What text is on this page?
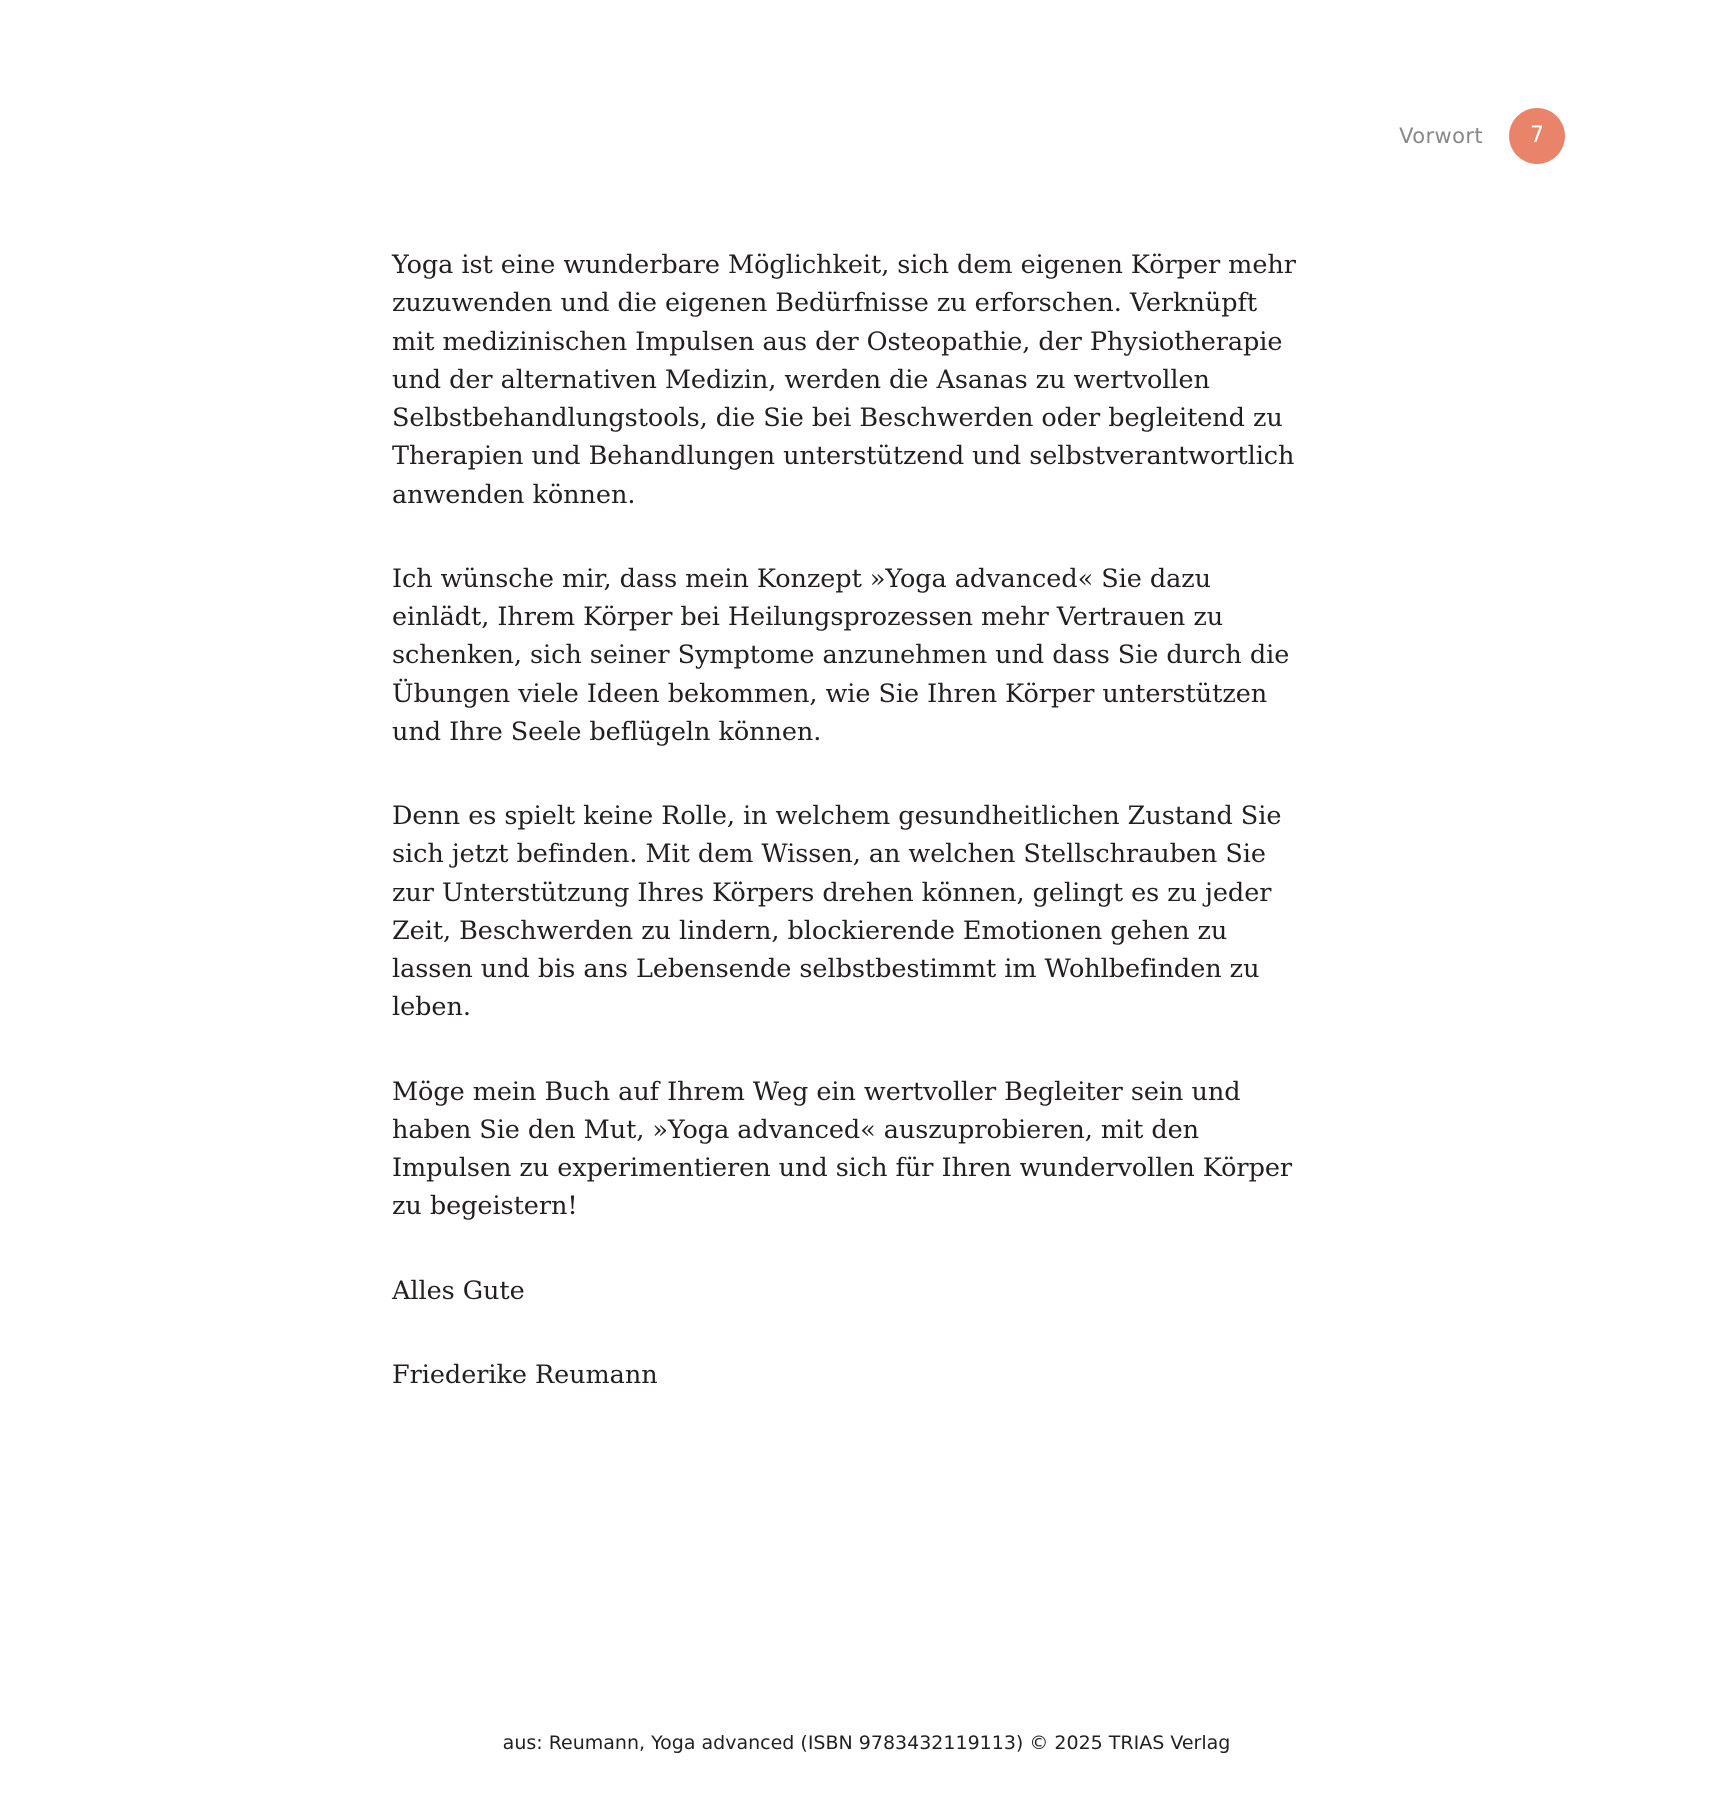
Vorwort	7

Yoga ist eine wunderbare Möglichkeit, sich dem eigenen Körper mehr zuzuwenden und die eigenen Bedürfnisse zu erforschen. Verknüpft mit medizinischen Impulsen aus der Osteopathie, der Physiotherapie und der alternativen Medizin, werden die Asanas zu wertvollen Selbstbehandlungstools, die Sie bei Beschwerden oder begleitend zu Therapien und Behandlungen unterstützend und selbstverantwortlich anwenden können.

Ich wünsche mir, dass mein Konzept »Yoga advanced« Sie dazu einlädt, Ihrem Körper bei Heilungsprozessen mehr Vertrauen zu schenken, sich seiner Symptome anzunehmen und dass Sie durch die Übungen viele Ideen bekommen, wie Sie Ihren Körper unterstützen und Ihre Seele beflügeln können.

Denn es spielt keine Rolle, in welchem gesundheitlichen Zustand Sie sich jetzt befinden. Mit dem Wissen, an welchen Stellschrauben Sie zur Unterstützung Ihres Körpers drehen können, gelingt es zu jeder Zeit, Beschwerden zu lindern, blockierende Emotionen gehen zu lassen und bis ans Lebensende selbstbestimmt im Wohlbefinden zu leben.

Möge mein Buch auf Ihrem Weg ein wertvoller Begleiter sein und haben Sie den Mut, »Yoga advanced« auszuprobieren, mit den Impulsen zu experimentieren und sich für Ihren wundervollen Körper zu begeistern!

Alles Gute

Friederike Reumann

aus: Reumann, Yoga advanced (ISBN 9783432119113) © 2025 TRIAS Verlag
